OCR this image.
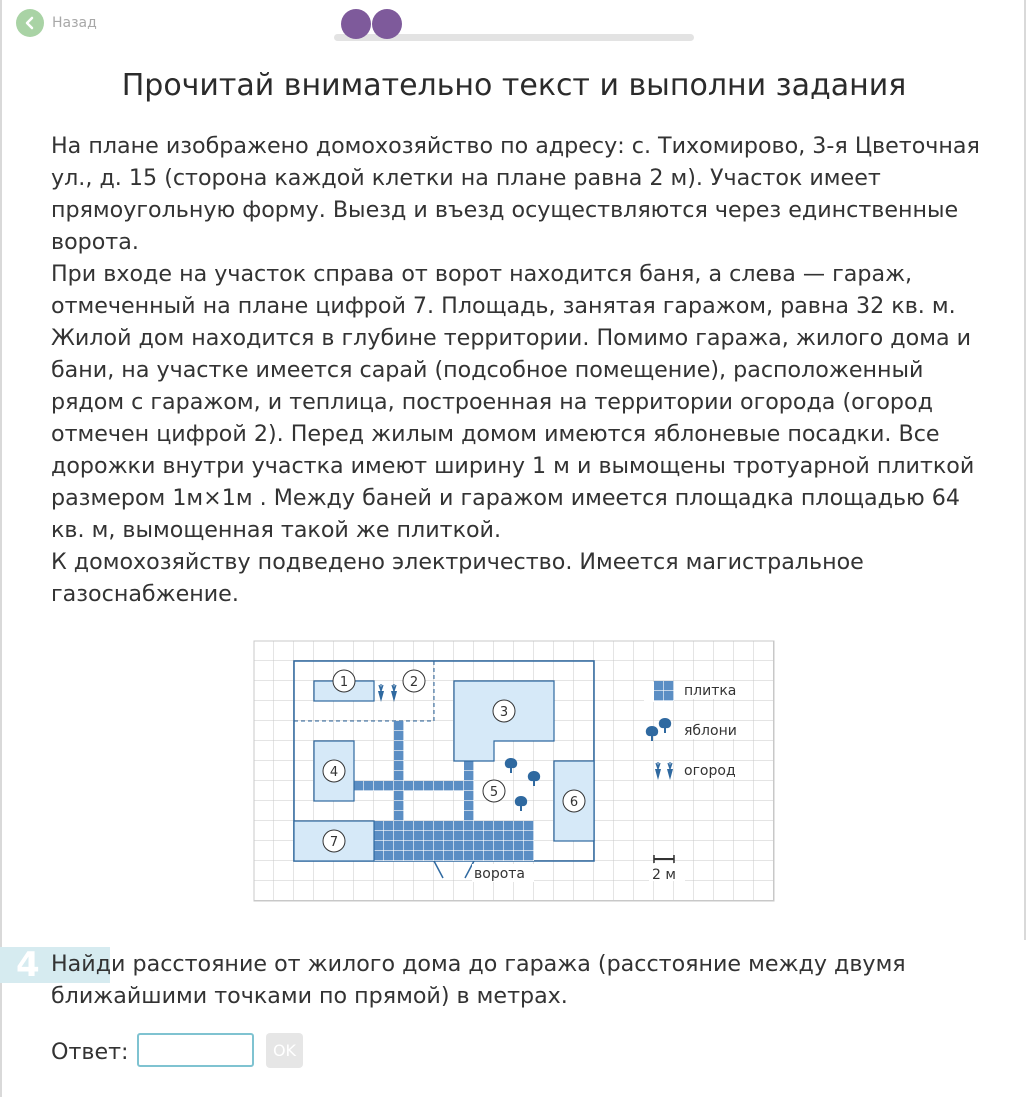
Назад
Прочитай внимательно текст и выполни задания

На плане изображено домохозяйство по адресу: с. Тихомирово, 3-я Цветочная ул., д. 15 (сторона каждой клетки на плане равна 2 м). Участок имеет прямоугольную форму. Выезд и въезд осуществляются через единственные ворота.

При входе на участок справа от ворот находится баня, а слева — гараж, отмеченный на плане цифрой 7. Площадь, занятая гаражом, равна 32 кв. м. Жилой дом находится в глубине территории. Помимо гаража, жилого дома и бани, на участке имеется сарай (подсобное помещение), расположенный рядом с гаражом, и теплица, построенная на территории огорода (огород отмечен цифрой 2). Перед жилым домом имеются яблоневые посадки. Все дорожки внутри участка имеют ширину 1 м и вымощены тротуарной плиткой размером 1м×1м . Между баней и гаражом имеется площадка площадью 64 кв. м, вымощенная такой же плиткой.

К домохозяйству подведено электричество. Имеется магистральное газоснабжение.

ворота
1	2
3
4
5
6
7
плитка
яблони
огород
2 м
4 Найди расстояние от жилого дома до гаража (расстояние между двумя ближайшими точками по прямой) в метрах.
Ответ:	OK
